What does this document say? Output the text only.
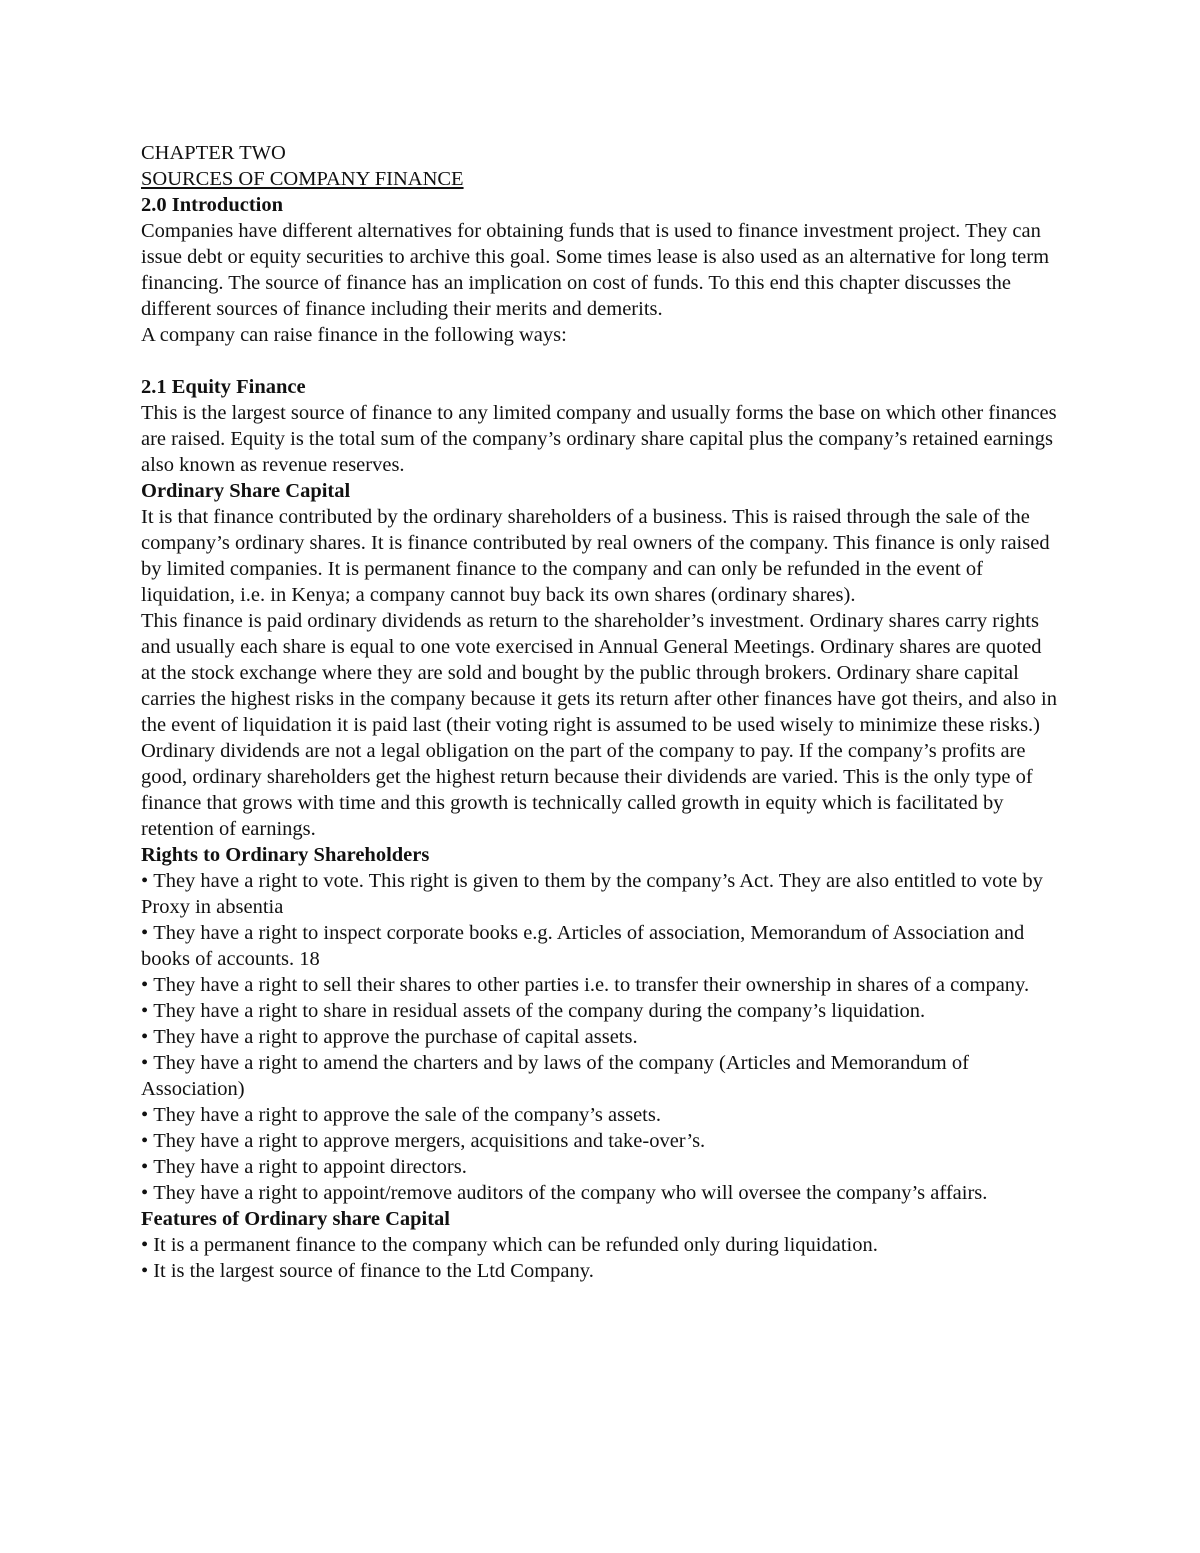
CHAPTER TWO
SOURCES OF COMPANY FINANCE
2.0 Introduction

Companies have different alternatives for obtaining funds that is used to finance investment project. They can issue debt or equity securities to archive this goal. Some times lease is also used as an alternative for long term financing. The source of finance has an implication on cost of funds. To this end this chapter discusses the different sources of finance including their merits and demerits.

A company can raise finance in the following ways:

2.1 Equity Finance

This is the largest source of finance to any limited company and usually forms the base on which other finances are raised. Equity is the total sum of the company’s ordinary share capital plus the company’s retained earnings also known as revenue reserves.

Ordinary Share Capital

It is that finance contributed by the ordinary shareholders of a business. This is raised through the sale of the company’s ordinary shares. It is finance contributed by real owners of the company. This finance is only raised by limited companies. It is permanent finance to the company and can only be refunded in the event of liquidation, i.e. in Kenya; a company cannot buy back its own shares (ordinary shares).

This finance is paid ordinary dividends as return to the shareholder’s investment. Ordinary shares carry rights and usually each share is equal to one vote exercised in Annual General Meetings. Ordinary shares are quoted at the stock exchange where they are sold and bought by the public through brokers. Ordinary share capital carries the highest risks in the company because it gets its return after other finances have got theirs, and also in the event of liquidation it is paid last (their voting right is assumed to be used wisely to minimize these risks.)

Ordinary dividends are not a legal obligation on the part of the company to pay. If the company’s profits are good, ordinary shareholders get the highest return because their dividends are varied. This is the only type of finance that grows with time and this growth is technically called growth in equity which is facilitated by retention of earnings.

Rights to Ordinary Shareholders
• They have a right to vote. This right is given to them by the company’s Act. They are also entitled to vote by Proxy in absentia
• They have a right to inspect corporate books e.g. Articles of association, Memorandum of Association and books of accounts. 18
• They have a right to sell their shares to other parties i.e. to transfer their ownership in shares of a company.
• They have a right to share in residual assets of the company during the company’s liquidation.
• They have a right to approve the purchase of capital assets.
• They have a right to amend the charters and by laws of the company (Articles and Memorandum of Association)
• They have a right to approve the sale of the company’s assets.
• They have a right to approve mergers, acquisitions and take-over’s.
• They have a right to appoint directors.
• They have a right to appoint/remove auditors of the company who will oversee the company’s affairs.
Features of Ordinary share Capital
• It is a permanent finance to the company which can be refunded only during liquidation.
• It is the largest source of finance to the Ltd Company.
